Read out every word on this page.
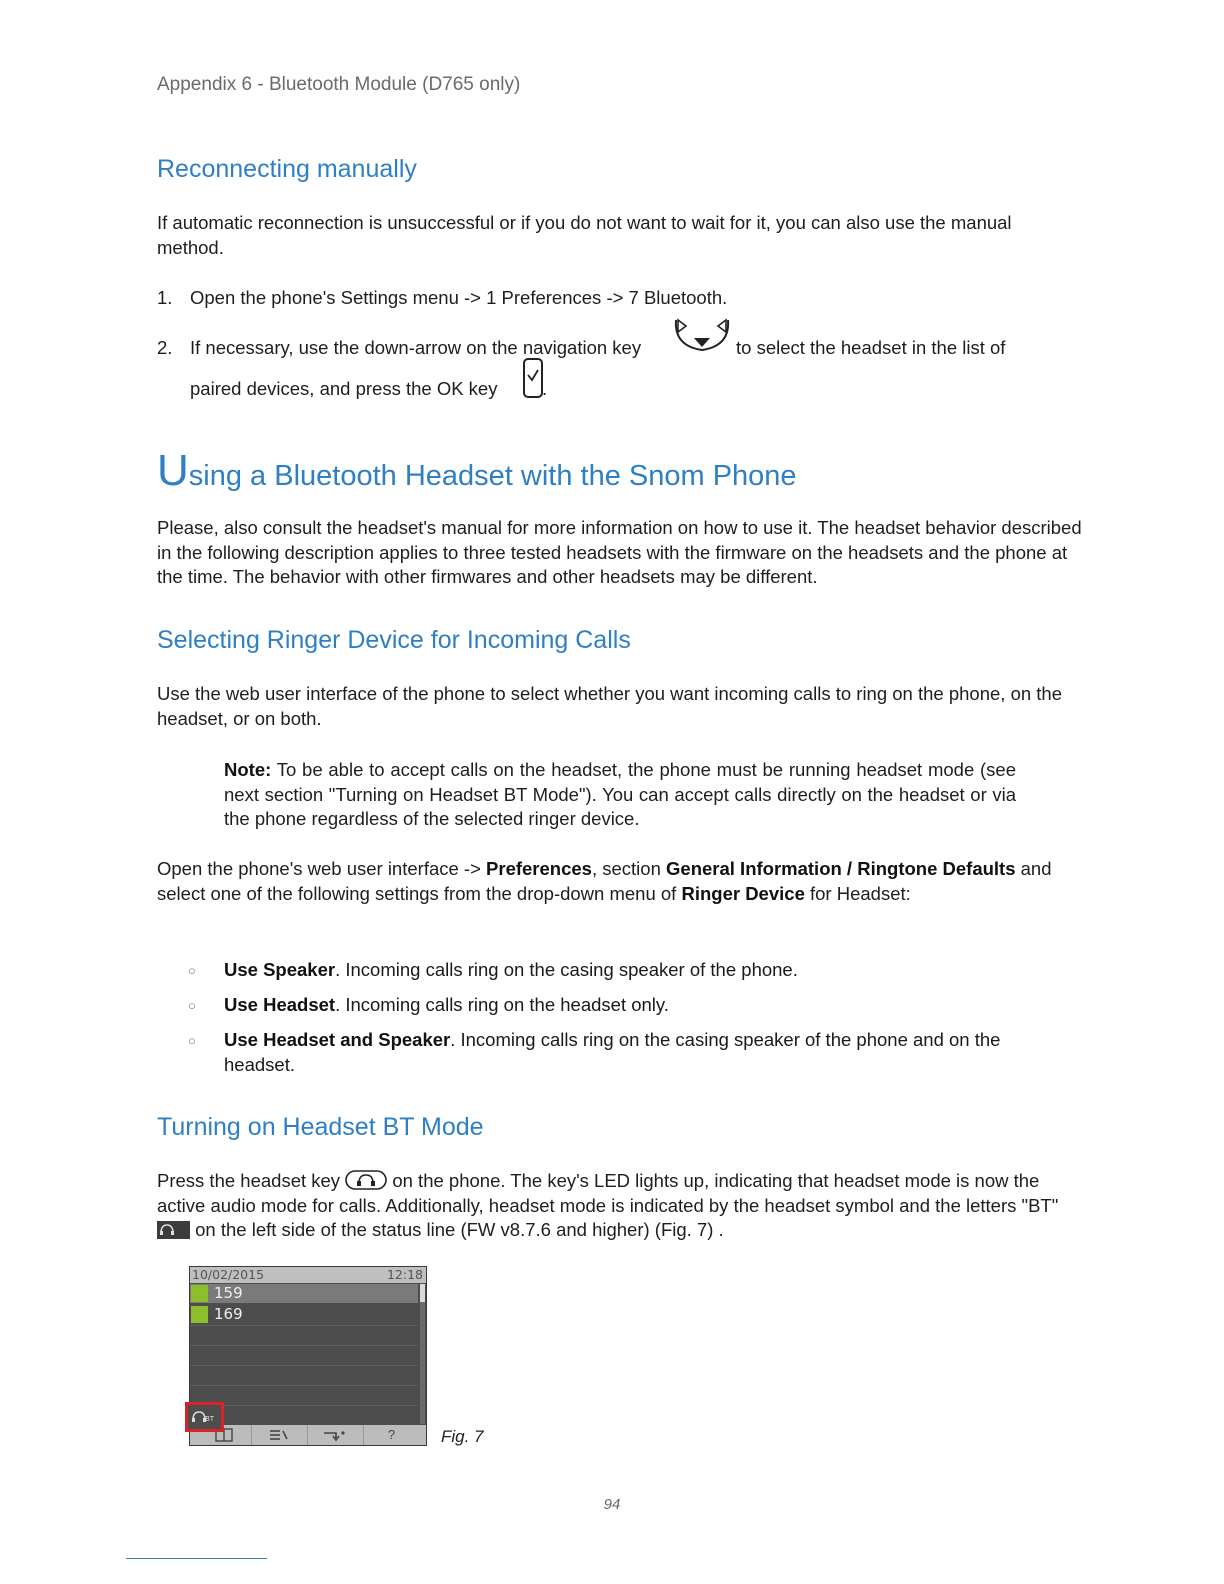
Appendix 6 - Bluetooth Module (D765 only)
Reconnecting manually
If automatic reconnection is unsuccessful or if you do not want to wait for it, you can also use the manual method.
1. Open the phone's Settings menu -> 1 Preferences -> 7 Bluetooth.
2. If necessary, use the down-arrow on the navigation key	to select the headset in the list of
paired devices, and press the OK key .
Using a Bluetooth Headset with the Snom Phone
Please, also consult the headset's manual for more information on how to use it. The headset behavior described in the following description applies to three tested headsets with the firmware on the headsets and the phone at the time. The behavior with other firmwares and other headsets may be different.
Selecting Ringer Device for Incoming Calls
Use the web user interface of the phone to select whether you want incoming calls to ring on the phone, on the headset, or on both.
Note: To be able to accept calls on the headset, the phone must be running headset mode (see next section "Turning on Headset BT Mode"). You can accept calls directly on the headset or via the phone regardless of the selected ringer device.
Open the phone's web user interface -> Preferences, section General Information / Ringtone Defaults and select one of the following settings from the drop-down menu of Ringer Device for Headset:
○ Use Speaker. Incoming calls ring on the casing speaker of the phone.
○ Use Headset. Incoming calls ring on the headset only.
○ Use Headset and Speaker. Incoming calls ring on the casing speaker of the phone and on the headset.
Turning on Headset BT Mode
Press the headset key	on the phone. The key's LED lights up, indicating that headset mode is now the active audio mode for calls. Additionally, headset mode is indicated by the headset symbol and the letters "BT"
on the left side of the status line (FW v8.7.6 and higher) (Fig. 7) .
10/02/2015	12:18
159
169
?
BT
Fig. 7
94
